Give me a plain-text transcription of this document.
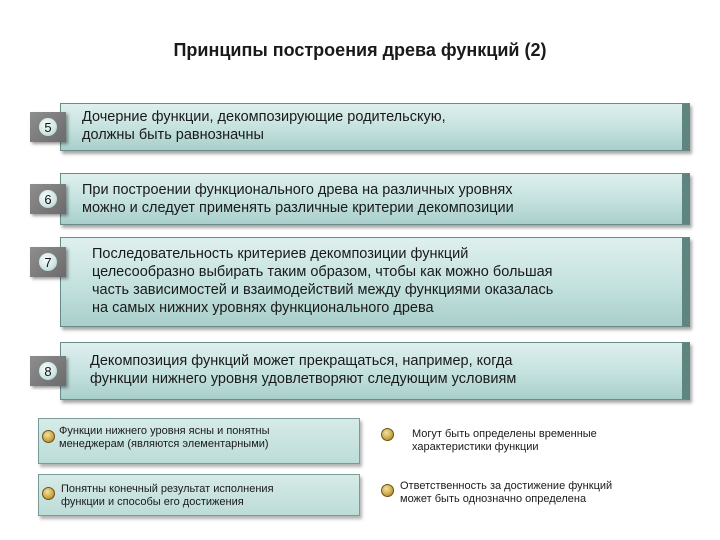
Принципы построения древа функций (2)
5
Дочерние функции, декомпозирующие родительскую,
должны быть равнозначны
6
При построении функционального древа на различных уровнях
можно и следует применять различные критерии декомпозиции
7	Последовательность критериев декомпозиции функций
целесообразно выбирать таким образом, чтобы как можно большая
часть зависимостей и взаимодействий между функциями оказалась
на самых нижних уровнях функционального древа
8
Декомпозиция функций может прекращаться, например, когда
функции нижнего уровня удовлетворяют следующим условиям
Функции нижнего уровня ясны и понятны
менеджерам (являются элементарными)
Могут быть определены временные
характеристики функции
Понятны конечный результат исполнения
функции и способы его достижения
Ответственность за достижение функций
может быть однозначно определена
